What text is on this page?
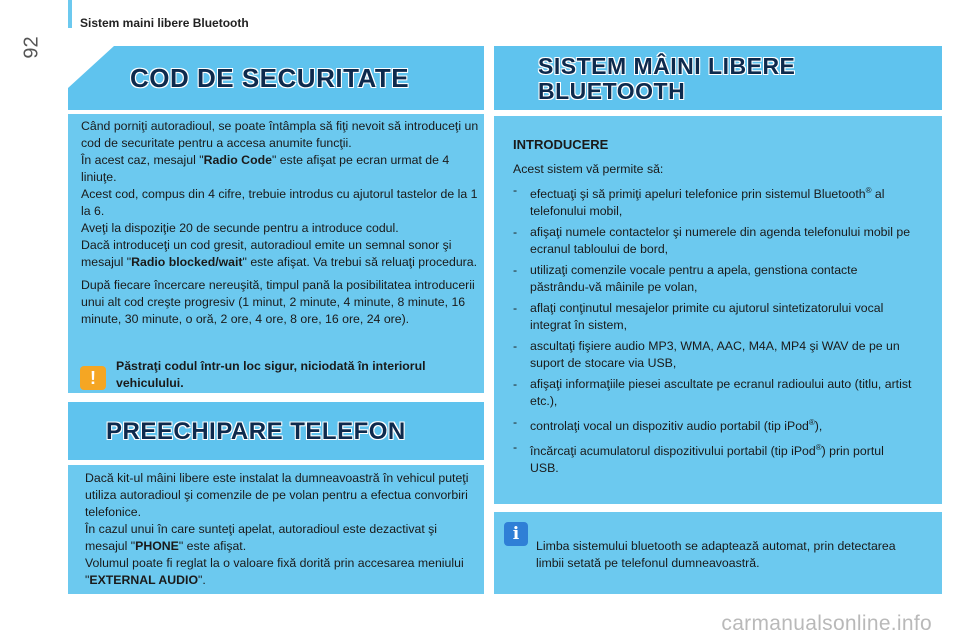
92
Sistem maini libere Bluetooth
COD DE SECURITATE

Când porniţi autoradioul, se poate întâmpla să fiţi nevoit să introduceţi un cod de securitate pentru a accesa anumite funcţii.
În acest caz, mesajul "Radio Code" este afişat pe ecran urmat de 4 liniuţe.
Acest cod, compus din 4 cifre, trebuie introdus cu ajutorul tastelor de la 1 la 6.
Aveţi la dispoziţie 20 de secunde pentru a introduce codul.
Dacă introduceţi un cod gresit, autoradioul emite un semnal sonor şi mesajul "Radio blocked/wait" este afişat. Va trebui să reluaţi procedura.

După fiecare încercare nereuşită, timpul pană la posibilitatea introducerii unui alt cod creşte progresiv (1 minut, 2 minute, 4 minute, 8 minute, 16 minute, 30 minute, o oră, 2 ore, 4 ore, 8 ore, 16 ore, 24 ore).

!
Păstraţi codul într-un loc sigur, niciodată în interiorul vehiculului.
PREECHIPARE TELEFON

Dacă kit-ul mâini libere este instalat la dumneavoastră în vehicul puteţi utiliza autoradioul şi comenzile de pe volan pentru a efectua convorbiri telefonice.
În cazul unui în care sunteţi apelat, autoradioul este dezactivat şi mesajul "PHONE" este afişat.
Volumul poate fi reglat la o valoare fixă dorită prin accesarea meniului "EXTERNAL AUDIO".

SISTEM MÂINI LIBERE
BLUETOOTH
INTRODUCERE
Acest sistem vă permite să:
- efectuaţi şi să primiţi apeluri telefonice prin sistemul Bluetooth® al telefonului mobil,
- afişaţi numele contactelor şi numerele din agenda telefonului mobil pe ecranul tabloului de bord,
- utilizaţi comenzile vocale pentru a apela, genstiona contacte păstrându-vă mâinile pe volan,
- aflaţi conţinutul mesajelor primite cu ajutorul sintetizatorului vocal integrat în sistem,
- ascultaţi fişiere audio MP3, WMA, AAC, M4A, MP4 şi WAV de pe un suport de stocare via USB,
- afişaţi informaţiile piesei ascultate pe ecranul radioului auto (titlu, artist etc.),
- controlaţi vocal un dispozitiv audio portabil (tip iPod®),
- încărcaţi acumulatorul dispozitivului portabil (tip iPod®) prin portul USB.
i
Limba sistemului bluetooth se adaptează automat, prin detectarea limbii setată pe telefonul dumneavoastră.
carmanualsonline.info
